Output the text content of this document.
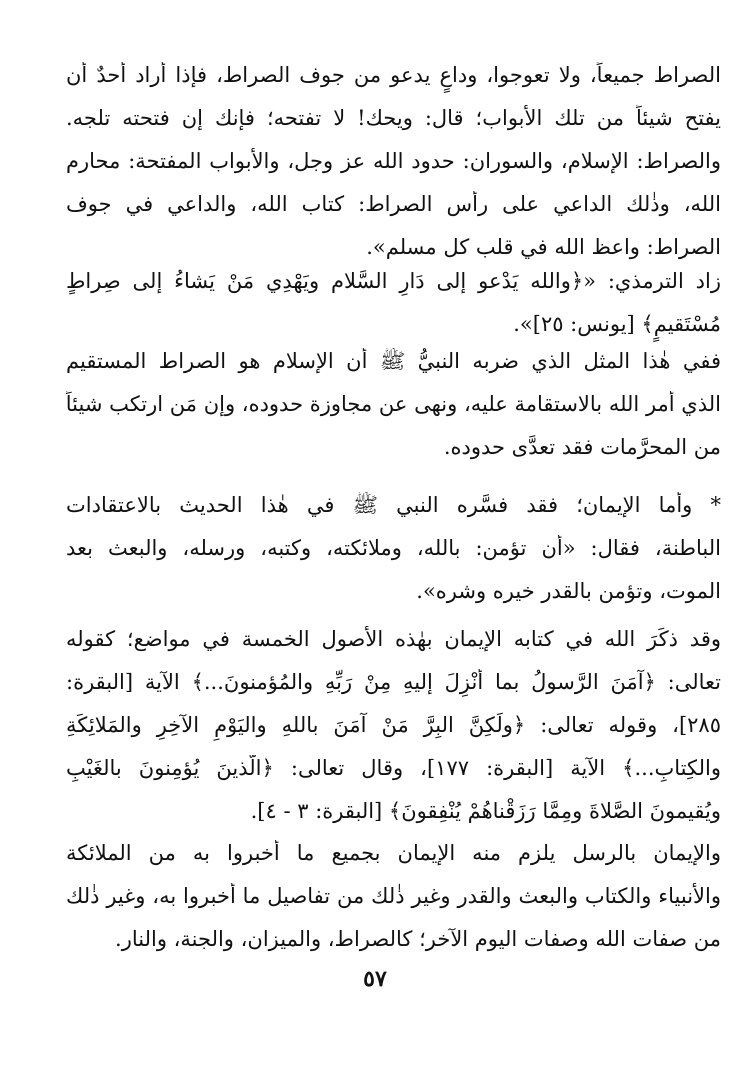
الصراط جميعاً، ولا تعوجوا، وداعٍ يدعو من جوف الصراط، فإذا أراد أحدٌ أن
يفتح شيئاً من تلك الأبواب؛ قال: ويحك! لا تفتحه؛ فإنك إن فتحته تلجه.
والصراط: الإسلام، والسوران: حدود الله عز وجل، والأبواب المفتحة: محارم
الله، وذٰلك الداعي على رأس الصراط: كتاب الله، والداعي في جوف
الصراط: واعظ الله في قلب كل مسلم».
زاد الترمذي: «﴿والله يَدْعو إلى دَارِ السَّلام ويَهْدِي مَنْ يَشاءُ إلى صِراطٍ
مُسْتَقيمٍ﴾ [يونس: ٢٥]».
ففي هٰذا المثل الذي ضربه النبيُّ ﷺ أن الإسلام هو الصراط المستقيم
الذي أمر الله بالاستقامة عليه، ونهى عن مجاوزة حدوده، وإن مَن ارتكب شيئاً
من المحرَّمات فقد تعدَّى حدوده.
* وأما الإيمان؛ فقد فسَّره النبي ﷺ في هٰذا الحديث بالاعتقادات
الباطنة، فقال: «أن تؤمن: بالله، وملائكته، وكتبه، ورسله، والبعث بعد
الموت، وتؤمن بالقدر خيره وشره».
وقد ذكَرَ الله في كتابه الإيمان بهٰذه الأصول الخمسة في مواضع؛ كقوله
تعالى: ﴿آمَنَ الرَّسولُ بما أُنْزِلَ إليهِ مِنْ رَبِّهِ والمُؤمنونَ...﴾ الآية [البقرة:
٢٨٥]، وقوله تعالى: ﴿ولَكِنَّ البِرَّ مَنْ آمَنَ باللهِ واليَوْمِ الآخِرِ والمَلائِكَةِ
والكِتابِ...﴾ الآية [البقرة: ١٧٧]، وقال تعالى: ﴿الَّذينَ يُؤمِنونَ بالغَيْبِ
ويُقيمونَ الصَّلاةَ ومِمَّا رَزَقْناهُمْ يُنْفِقونَ﴾ [البقرة: ٣ - ٤].
والإيمان بالرسل يلزم منه الإيمان بجميع ما أخبروا به من الملائكة
والأنبياء والكتاب والبعث والقدر وغير ذٰلك من تفاصيل ما أخبروا به، وغير ذٰلك
من صفات الله وصفات اليوم الآخر؛ كالصراط، والميزان، والجنة، والنار.
٥٧
